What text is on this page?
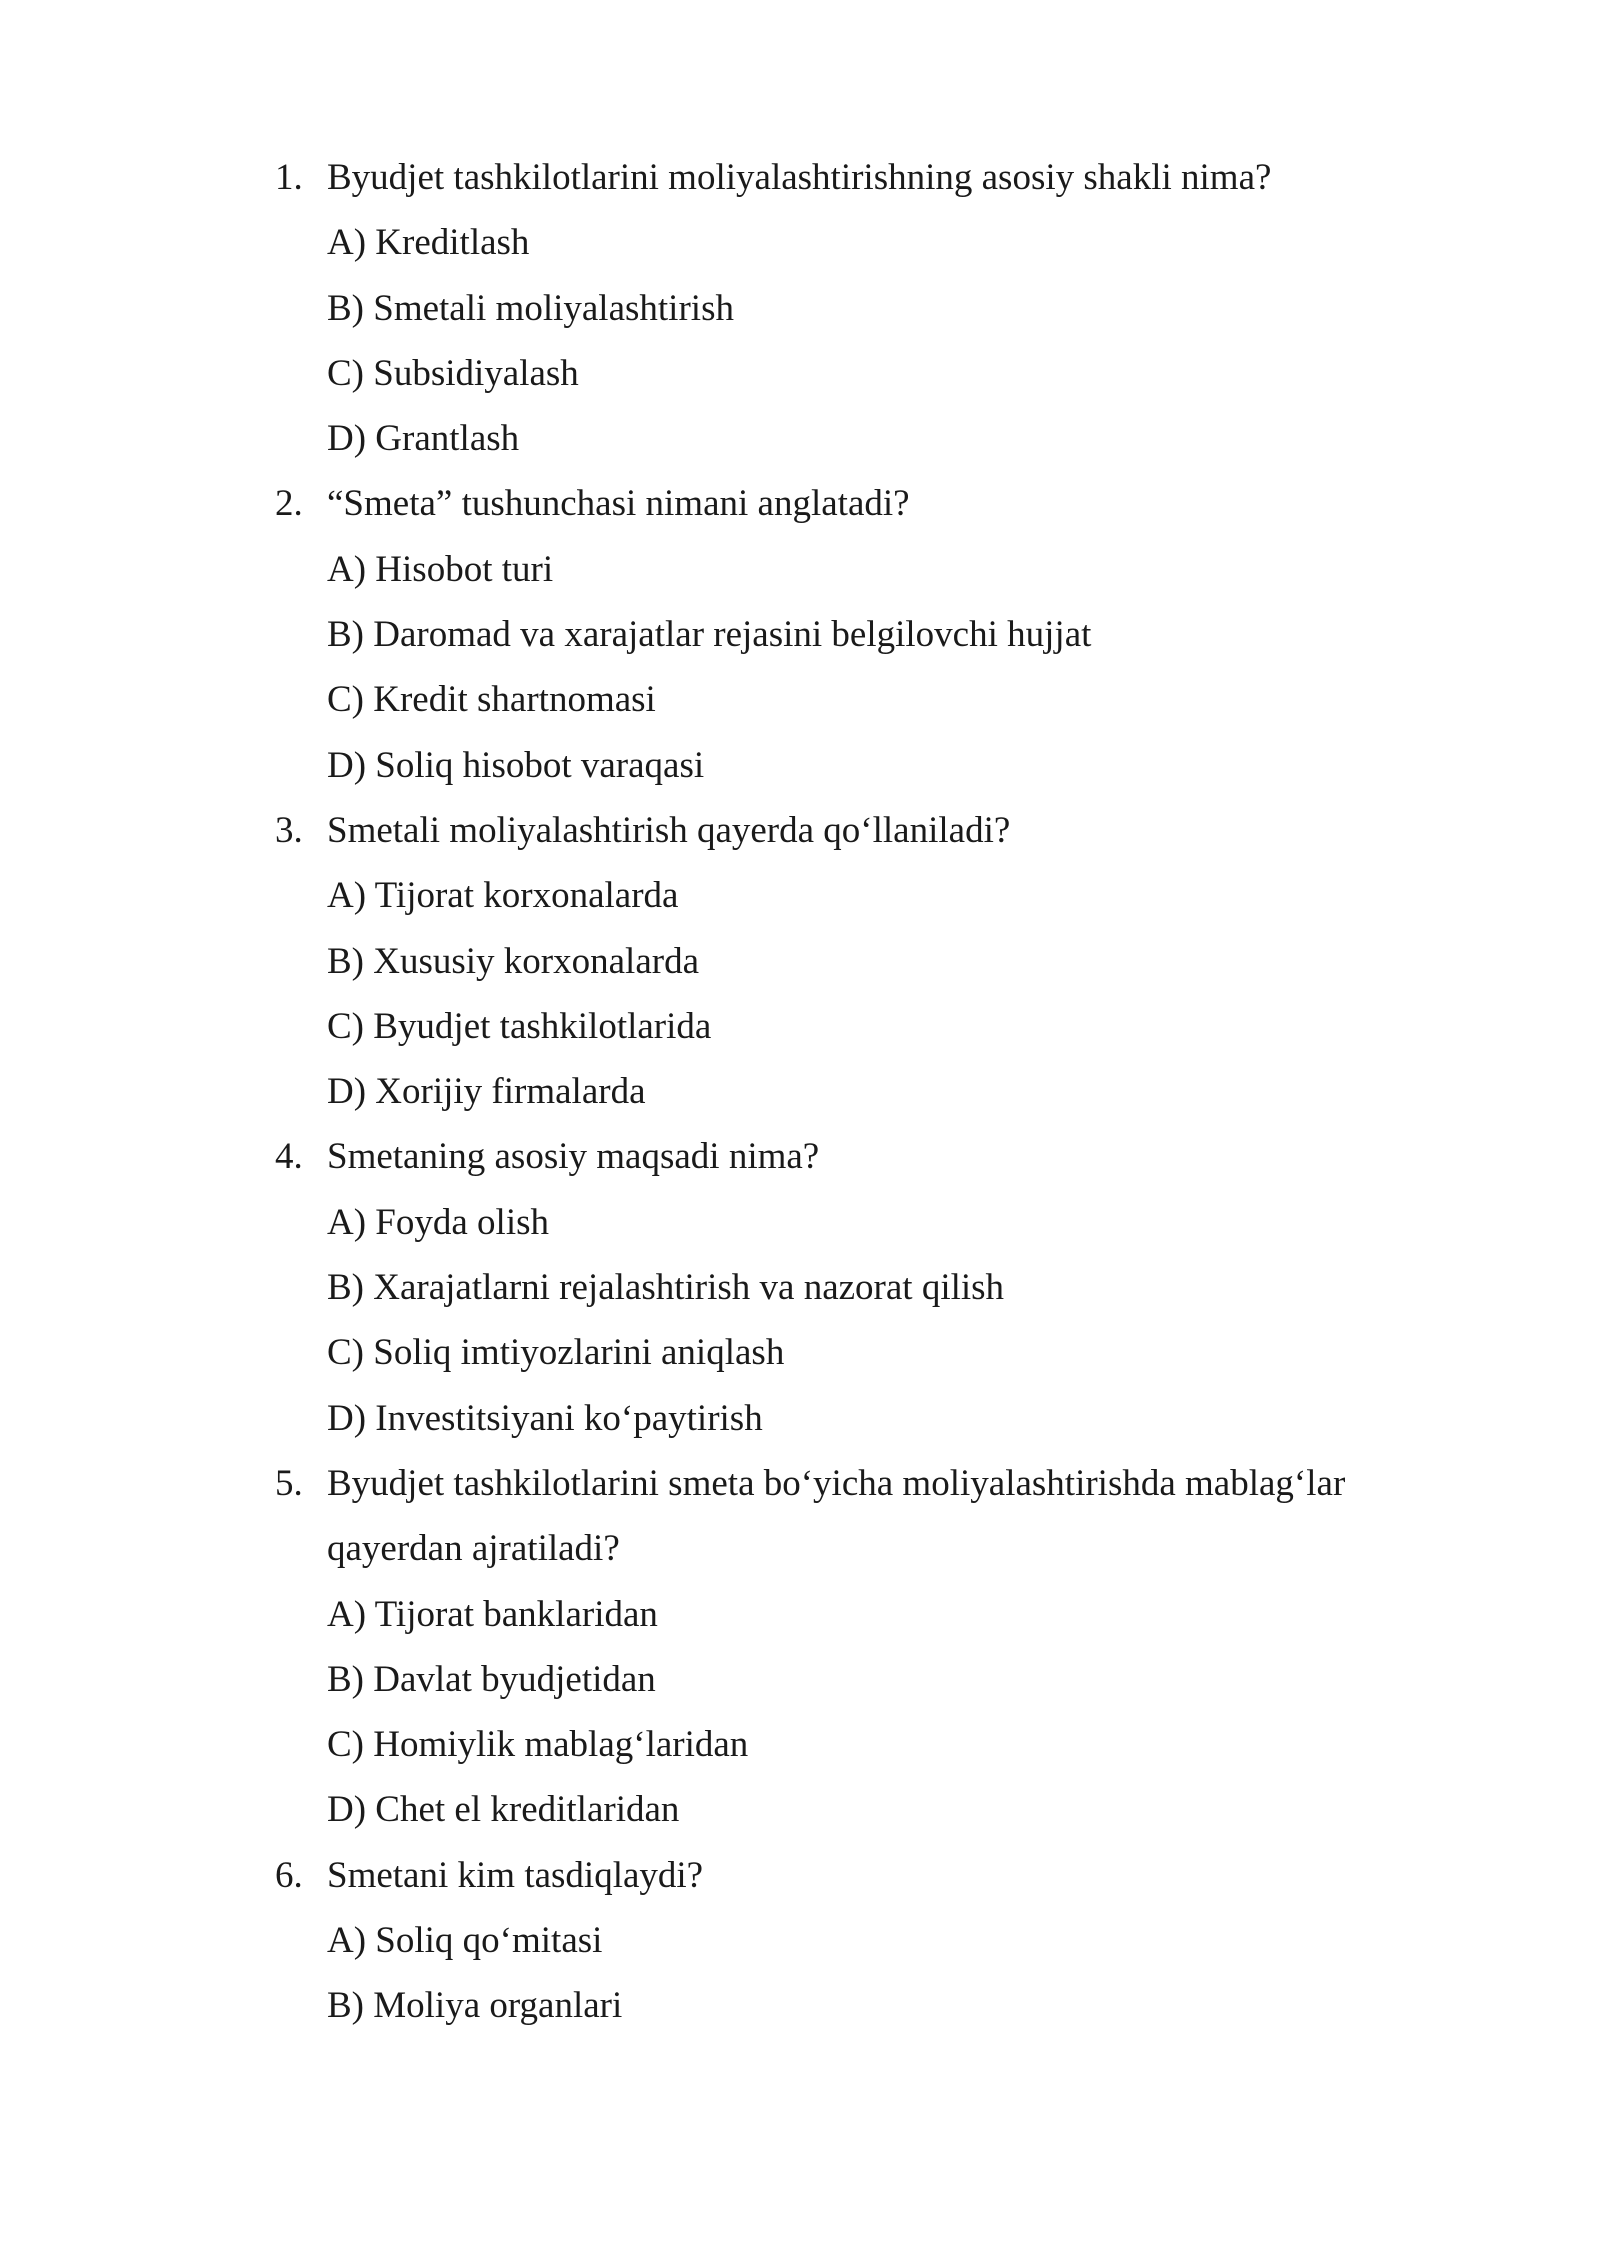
1. Byudjet tashkilotlarini moliyalashtirishning asosiy shakli nima?
A) Kreditlash
B) Smetali moliyalashtirish
C) Subsidiyalash
D) Grantlash
2. “Smeta” tushunchasi nimani anglatadi?
A) Hisobot turi
B) Daromad va xarajatlar rejasini belgilovchi hujjat
C) Kredit shartnomasi
D) Soliq hisobot varaqasi
3. Smetali moliyalashtirish qayerda qo‘llaniladi?
A) Tijorat korxonalarda
B) Xususiy korxonalarda
C) Byudjet tashkilotlarida
D) Xorijiy firmalarda
4. Smetaning asosiy maqsadi nima?
A) Foyda olish
B) Xarajatlarni rejalashtirish va nazorat qilish
C) Soliq imtiyozlarini aniqlash
D) Investitsiyani ko‘paytirish
5. Byudjet tashkilotlarini smeta bo‘yicha moliyalashtirishda mablag‘lar
qayerdan ajratiladi?
A) Tijorat banklaridan
B) Davlat byudjetidan
C) Homiylik mablag‘laridan
D) Chet el kreditlaridan
6. Smetani kim tasdiqlaydi?
A) Soliq qo‘mitasi
B) Moliya organlari
